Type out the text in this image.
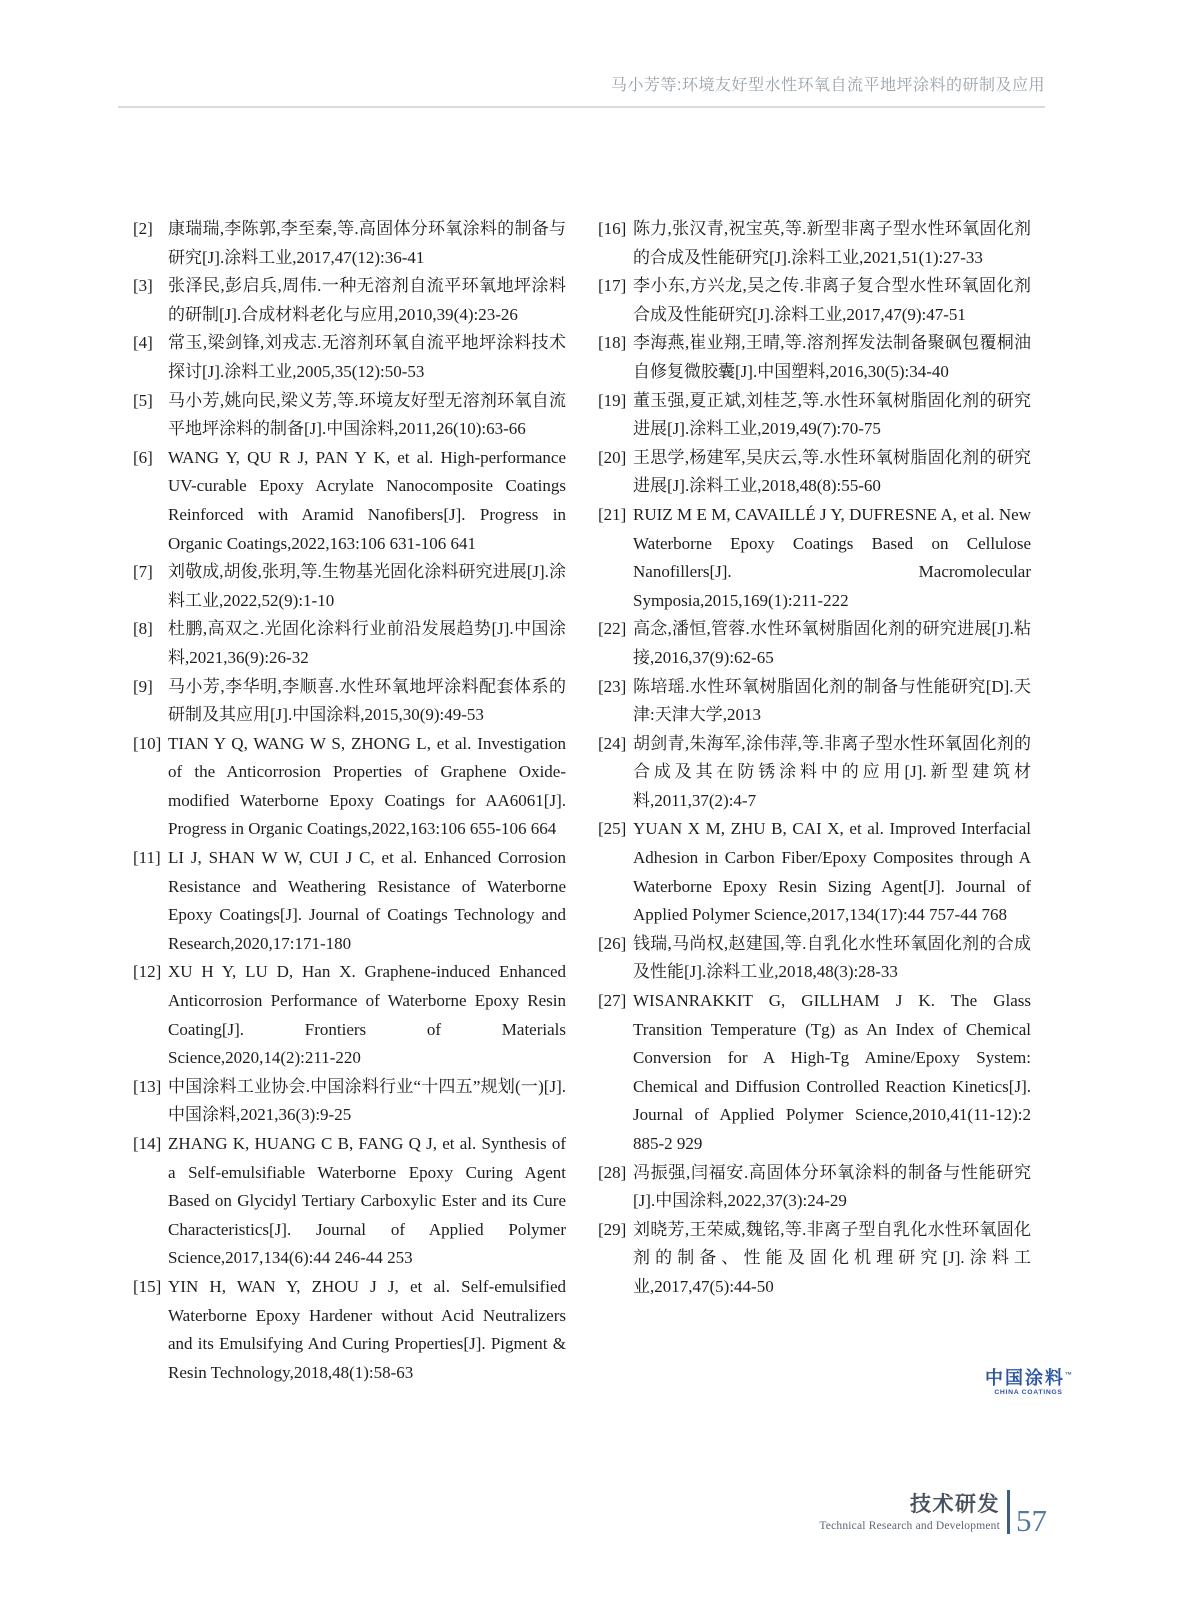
马小芳等:环境友好型水性环氧自流平地坪涂料的研制及应用
[2] 康瑞瑞,李陈郭,李至秦,等.高固体分环氧涂料的制备与研究[J].涂料工业,2017,47(12):36-41
[3] 张泽民,彭启兵,周伟.一种无溶剂自流平环氧地坪涂料的研制[J].合成材料老化与应用,2010,39(4):23-26
[4] 常玉,梁剑锋,刘戎志.无溶剂环氧自流平地坪涂料技术探讨[J].涂料工业,2005,35(12):50-53
[5] 马小芳,姚向民,梁义芳,等.环境友好型无溶剂环氧自流平地坪涂料的制备[J].中国涂料,2011,26(10):63-66
[6] WANG Y, QU R J, PAN Y K, et al. High-performance UV-curable Epoxy Acrylate Nanocomposite Coatings Reinforced with Aramid Nanofibers[J]. Progress in Organic Coatings,2022,163:106 631-106 641
[7] 刘敬成,胡俊,张玥,等.生物基光固化涂料研究进展[J].涂料工业,2022,52(9):1-10
[8] 杜鹏,高双之.光固化涂料行业前沿发展趋势[J].中国涂料,2021,36(9):26-32
[9] 马小芳,李华明,李顺喜.水性环氧地坪涂料配套体系的研制及其应用[J].中国涂料,2015,30(9):49-53
[10] TIAN Y Q, WANG W S, ZHONG L, et al. Investigation of the Anticorrosion Properties of Graphene Oxide-modified Waterborne Epoxy Coatings for AA6061[J]. Progress in Organic Coatings,2022,163:106 655-106 664
[11] LI J, SHAN W W, CUI J C, et al. Enhanced Corrosion Resistance and Weathering Resistance of Waterborne Epoxy Coatings[J]. Journal of Coatings Technology and Research,2020,17:171-180
[12] XU H Y, LU D, Han X. Graphene-induced Enhanced Anticorrosion Performance of Waterborne Epoxy Resin Coating[J]. Frontiers of Materials Science,2020,14(2):211-220
[13] 中国涂料工业协会.中国涂料行业“十四五”规划(一)[J].中国涂料,2021,36(3):9-25
[14] ZHANG K, HUANG C B, FANG Q J, et al. Synthesis of a Self-emulsifiable Waterborne Epoxy Curing Agent Based on Glycidyl Tertiary Carboxylic Ester and its Cure Characteristics[J]. Journal of Applied Polymer Science,2017,134(6):44 246-44 253
[15] YIN H, WAN Y, ZHOU J J, et al. Self-emulsified Waterborne Epoxy Hardener without Acid Neutralizers and its Emulsifying And Curing Properties[J]. Pigment & Resin Technology,2018,48(1):58-63
[16] 陈力,张汉青,祝宝英,等.新型非离子型水性环氧固化剂的合成及性能研究[J].涂料工业,2021,51(1):27-33
[17] 李小东,方兴龙,吴之传.非离子复合型水性环氧固化剂合成及性能研究[J].涂料工业,2017,47(9):47-51
[18] 李海燕,崔业翔,王晴,等.溶剂挥发法制备聚砜包覆桐油自修复微胶囊[J].中国塑料,2016,30(5):34-40
[19] 董玉强,夏正斌,刘桂芝,等.水性环氧树脂固化剂的研究进展[J].涂料工业,2019,49(7):70-75
[20] 王思学,杨建军,吴庆云,等.水性环氧树脂固化剂的研究进展[J].涂料工业,2018,48(8):55-60
[21] RUIZ M E M, CAVAILLÉ J Y, DUFRESNE A, et al. New Waterborne Epoxy Coatings Based on Cellulose Nanofillers[J]. Macromolecular Symposia,2015,169(1):211-222
[22] 高念,潘恒,管蓉.水性环氧树脂固化剂的研究进展[J].粘接,2016,37(9):62-65
[23] 陈培瑶.水性环氧树脂固化剂的制备与性能研究[D].天津:天津大学,2013
[24] 胡剑青,朱海军,涂伟萍,等.非离子型水性环氧固化剂的合成及其在防锈涂料中的应用[J].新型建筑材料,2011,37(2):4-7
[25] YUAN X M, ZHU B, CAI X, et al. Improved Interfacial Adhesion in Carbon Fiber/Epoxy Composites through A Waterborne Epoxy Resin Sizing Agent[J]. Journal of Applied Polymer Science,2017,134(17):44 757-44 768
[26] 钱瑞,马尚权,赵建国,等.自乳化水性环氧固化剂的合成及性能[J].涂料工业,2018,48(3):28-33
[27] WISANRAKKIT G, GILLHAM J K. The Glass Transition Temperature (Tg) as An Index of Chemical Conversion for A High-Tg Amine/Epoxy System: Chemical and Diffusion Controlled Reaction Kinetics[J]. Journal of Applied Polymer Science,2010,41(11-12):2 885-2 929
[28] 冯振强,闫福安.高固体分环氧涂料的制备与性能研究[J].中国涂料,2022,37(3):24-29
[29] 刘晓芳,王荣威,魏铭,等.非离子型自乳化水性环氧固化剂的制备、性能及固化机理研究[J].涂料工业,2017,47(5):44-50
中国涂料™
CHINA COATINGS
技术研发
Technical Research and Development 57
